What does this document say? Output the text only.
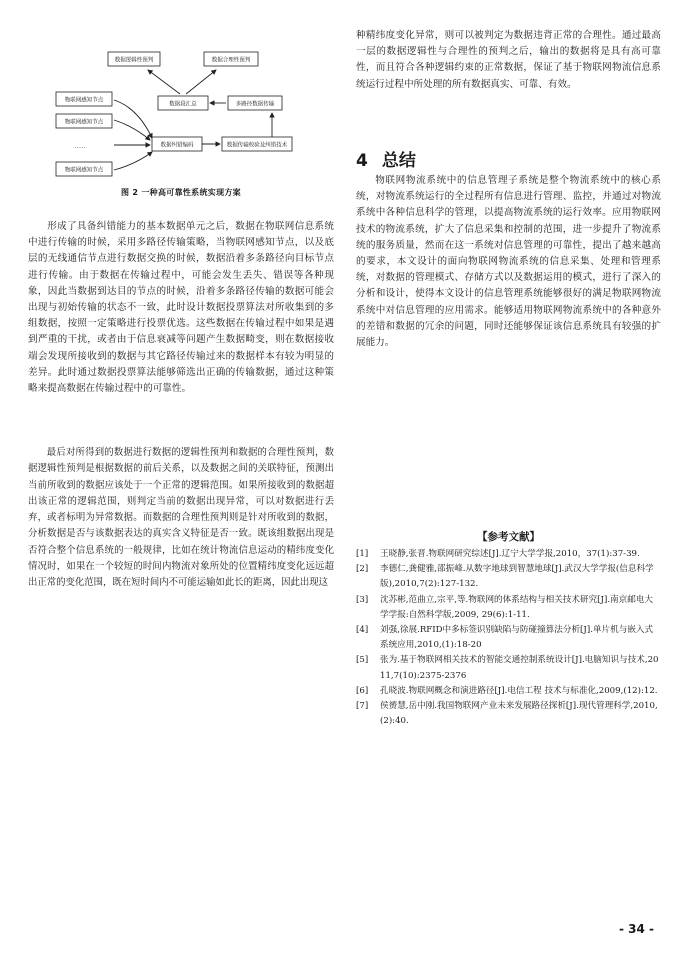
数据逻辑性预判	数据合理性预判
数据段汇总	多路径数据传输
物联网感知节点
物联网感知节点
……
物联网感知节点
数据纠错编码	数据传输校验及纠错技术
图 2 一种高可靠性系统实现方案

形成了具备纠错能力的基本数据单元之后，数据在物联网信息系统中进行传输的时候，采用多路径传输策略，当物联网感知节点，以及底层的无线通信节点进行数据交换的时候，数据沿着多条路径向目标节点进行传输。由于数据在传输过程中，可能会发生丢失、错误等各种现象，因此当数据到达目的节点的时候，沿着多条路径传输的数据可能会出现与初始传输的状态不一致，此时设计数据投票算法对所收集到的多组数据，按照一定策略进行投票优选。这些数据在传输过程中如果是遇到严重的干扰，或者由于信息衰减等问题产生数据畸变，则在数据接收端会发现所接收到的数据与其它路径传输过来的数据样本有较为明显的差异。此时通过数据投票算法能够筛选出正确的传输数据，通过这种策略来提高数据在传输过程中的可靠性。

最后对所得到的数据进行数据的逻辑性预判和数据的合理性预判，数据逻辑性预判是根据数据的前后关系，以及数据之间的关联特征，预测出当前所收到的数据应该处于一个正常的逻辑范围。如果所接收到的数据超出该正常的逻辑范围，则判定当前的数据出现异常，可以对数据进行丢弃，或者标明为异常数据。而数据的合理性预判则是针对所收到的数据，分析数据是否与该数据表达的真实含义特征是否一致。既该组数据出现是否符合整个信息系统的一般规律，比如在统计物流信息运动的精纬度变化情况时，如果在一个较短的时间内物流对象所处的位置精纬度变化远远超出正常的变化范围，既在短时间内不可能运输如此长的距离，因此出现这

种精纬度变化异常，则可以被判定为数据违背正常的合理性。通过最高一层的数据逻辑性与合理性的预判之后，输出的数据将是具有高可靠性，而且符合各种逻辑约束的正常数据，保证了基于物联网物流信息系统运行过程中所处理的所有数据真实、可靠、有效。

4 总结

物联网物流系统中的信息管理子系统是整个物流系统中的核心系统，对物流系统运行的全过程所有信息进行管理、监控，并通过对物流系统中各种信息科学的管理，以提高物流系统的运行效率。应用物联网技术的物流系统，扩大了信息采集和控制的范围，进一步提升了物流系统的服务质量，然而在这一系统对信息管理的可靠性，提出了越来越高的要求，本文设计的面向物联网物流系统的信息采集、处理和管理系统，对数据的管理模式、存储方式以及数据运用的模式，进行了深入的分析和设计，使得本文设计的信息管理系统能够很好的满足物联网物流系统中对信息管理的应用需求。能够适用物联网物流系统中的各种意外的差错和数据的冗余的问题，同时还能够保证该信息系统具有较强的扩展能力。

【参考文献】
[1] 王晓静,张晋.物联网研究综述[J].辽宁大学学报,2010，37(1):37-39.
[2] 李德仁,龚健雅,邵振峰.从数字地球到智慧地球[J].武汉大学学报(信息科学版),2010,7(2):127-132.
[3] 沈苏彬,范曲立,宗平,等.物联网的体系结构与相关技术研究[J].南京邮电大学学报:自然科学版,2009, 29(6):1-11.
[4] 刘强,徐展.RFID中多标签识别缺陷与防碰撞算法分析[J].单片机与嵌入式系统应用,2010,(1):18-20
[5] 张为.基于物联网相关技术的智能交通控制系统设计[J].电脑知识与技术,2011,7(10):2375-2376
[6] 孔晓波.物联网概念和演进路径[J].电信工程 技术与标准化,2009,(12):12.
[7] 侯赟慧,岳中刚.我国物联网产业未来发展路径探析[J].现代管理科学,2010,(2):40.
- 34 -
